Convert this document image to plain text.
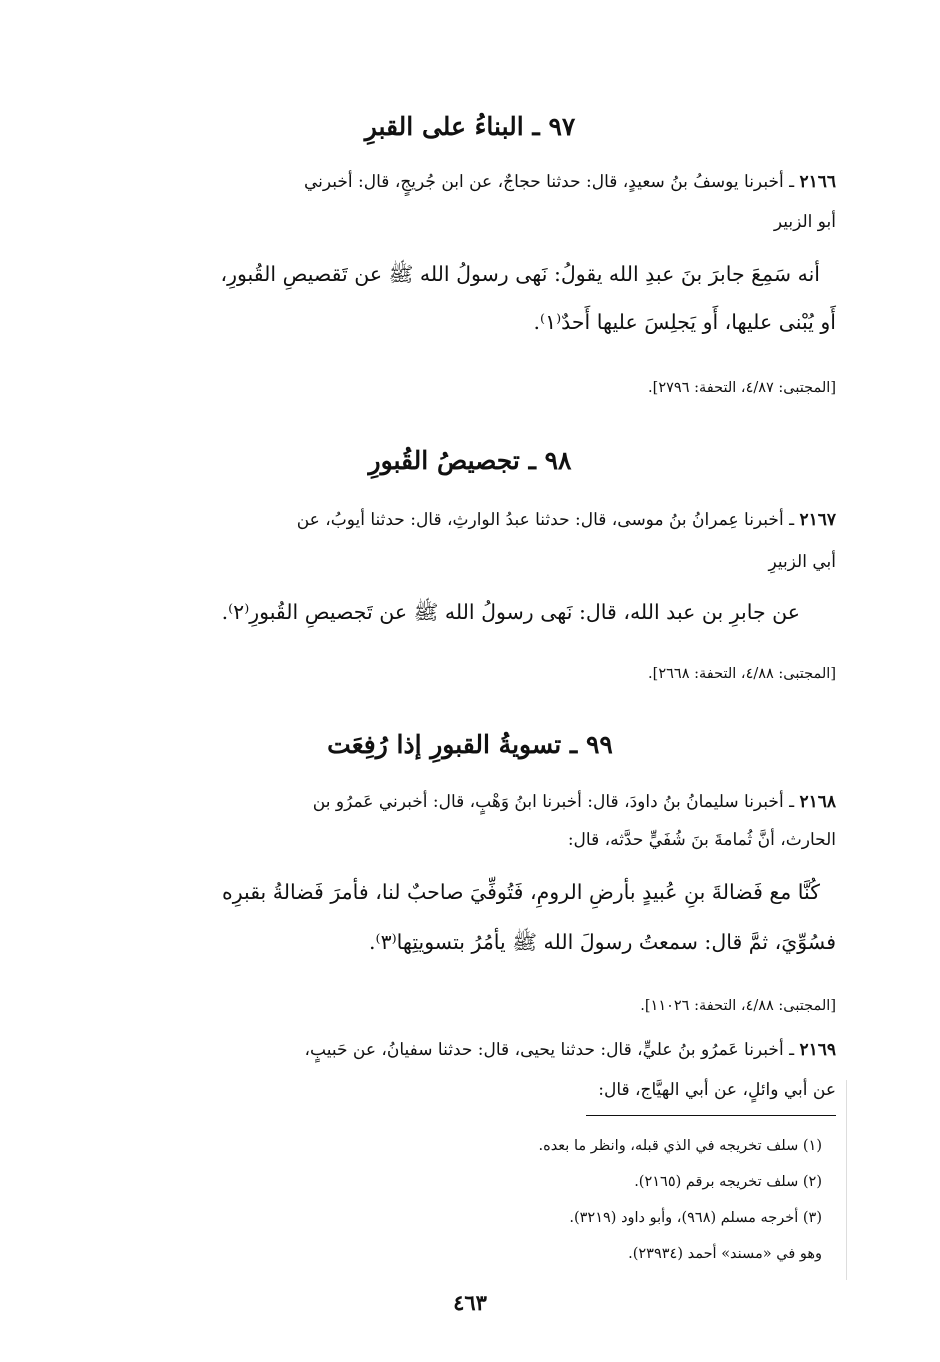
٩٧ ـ البناءُ على القبرِ
٢١٦٦ ـ أخبرنا يوسفُ بنُ سعيدٍ، قال: حدثنا حجاجٌ، عن ابن جُريجٍ، قال: أخبرني
أبو الزبير
أنه سَمِعَ جابرَ بنَ عبدِ الله يقولُ: نَهى رسولُ الله ﷺ عن تَقصيصِ القُبورِ،
أَو يُبْنى عليها، أَو يَجلِسَ عليها أَحدٌ⁽١⁾.
[المجتبى: ٤/٨٧، التحفة: ٢٧٩٦].
٩٨ ـ تجصيصُ القُبورِ
٢١٦٧ ـ أخبرنا عِمرانُ بنُ موسى، قال: حدثنا عبدُ الوارثِ، قال: حدثنا أيوبُ، عن
أبي الزبيرِ
عن جابرِ بن عبد الله، قال: نَهى رسولُ الله ﷺ عن تَجصيصِ القُبورِ⁽٢⁾.
[المجتبى: ٤/٨٨، التحفة: ٢٦٦٨].
٩٩ ـ تسويةُ القبورِ إذا رُفِعَت
٢١٦٨ ـ أخبرنا سليمانُ بنُ داودَ، قال: أخبرنا ابنُ وَهْبٍ، قال: أخبرني عَمرُو بن
الحارث، أنَّ ثُمامةَ بنَ شُفَيٍّ حدَّثه، قال:
كُنَّا مع فَضالةَ بنِ عُبيدٍ بأرضِ الرومِ، فَتُوفِّيَ صاحبٌ لنا، فأمرَ فَضالةُ بقبرِه
فسُوِّيَ، ثمَّ قال: سمعتُ رسولَ الله ﷺ يأمُرُ بتسويتِها⁽٣⁾.
[المجتبى: ٤/٨٨، التحفة: ١١٠٢٦].
٢١٦٩ ـ أخبرنا عَمرُو بنُ عليٍّ، قال: حدثنا يحيى، قال: حدثنا سفيانُ، عن حَبيبٍ،
عن أبي وائلٍ، عن أبي الهيَّاج، قال:
(١) سلف تخريجه في الذي قبله، وانظر ما بعده.
(٢) سلف تخريجه برقم (٢١٦٥).
(٣) أخرجه مسلم (٩٦٨)، وأبو داود (٣٢١٩).
وهو في «مسند» أحمد (٢٣٩٣٤).
٤٦٣
